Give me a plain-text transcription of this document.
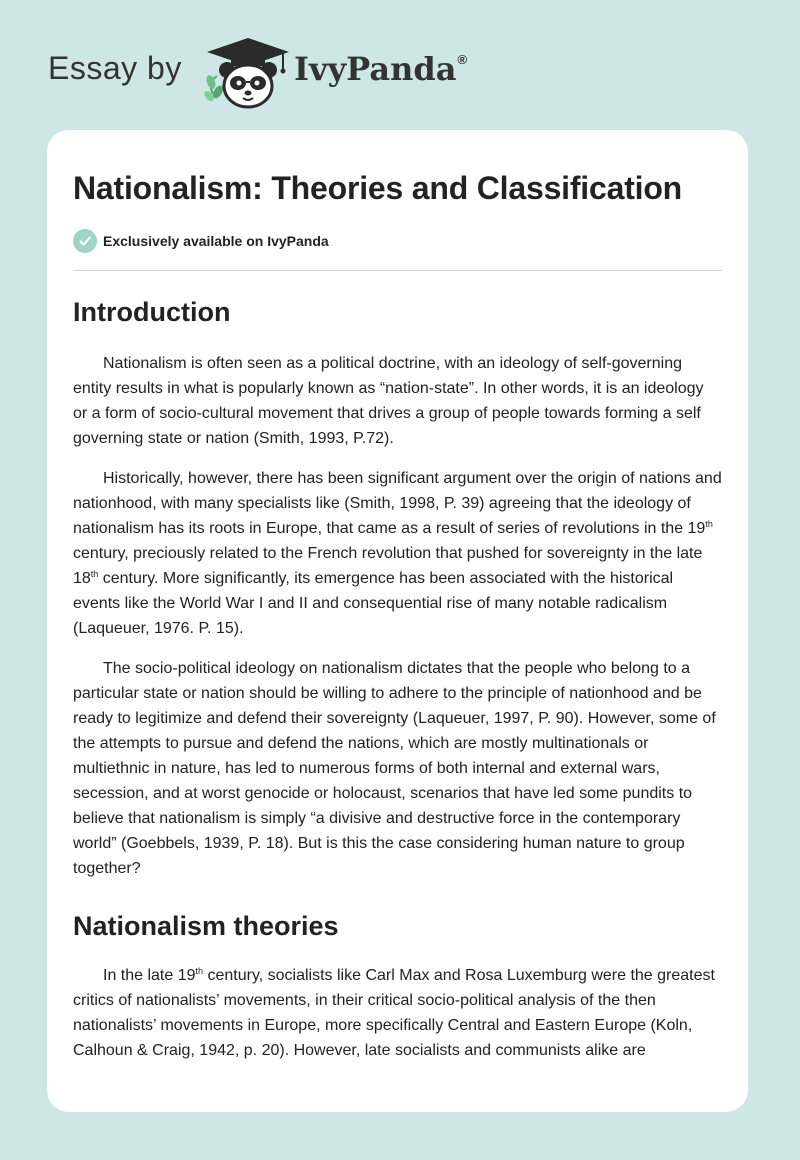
Essay by	IvyPanda®
Nationalism: Theories and Classification
Exclusively available on IvyPanda
Introduction

Nationalism is often seen as a political doctrine, with an ideology of self-governing entity results in what is popularly known as “nation-state”. In other words, it is an ideology or a form of socio-cultural movement that drives a group of people towards forming a self governing state or nation (Smith, 1993, P.72).

Historically, however, there has been significant argument over the origin of nations and nationhood, with many specialists like (Smith, 1998, P. 39) agreeing that the ideology of nationalism has its roots in Europe, that came as a result of series of revolutions in the 19th century, preciously related to the French revolution that pushed for sovereignty in the late 18th century. More significantly, its emergence has been associated with the historical events like the World War I and II and consequential rise of many notable radicalism (Laqueuer, 1976. P. 15).

The socio-political ideology on nationalism dictates that the people who belong to a particular state or nation should be willing to adhere to the principle of nationhood and be ready to legitimize and defend their sovereignty (Laqueuer, 1997, P. 90). However, some of the attempts to pursue and defend the nations, which are mostly multinationals or multiethnic in nature, has led to numerous forms of both internal and external wars, secession, and at worst genocide or holocaust, scenarios that have led some pundits to believe that nationalism is simply “a divisive and destructive force in the contemporary world” (Goebbels, 1939, P. 18). But is this the case considering human nature to group together?

Nationalism theories

In the late 19th century, socialists like Carl Max and Rosa Luxemburg were the greatest critics of nationalists’ movements, in their critical socio-political analysis of the then nationalists’ movements in Europe, more specifically Central and Eastern Europe (Koln, Calhoun & Craig, 1942, p. 20). However, late socialists and communists alike are
